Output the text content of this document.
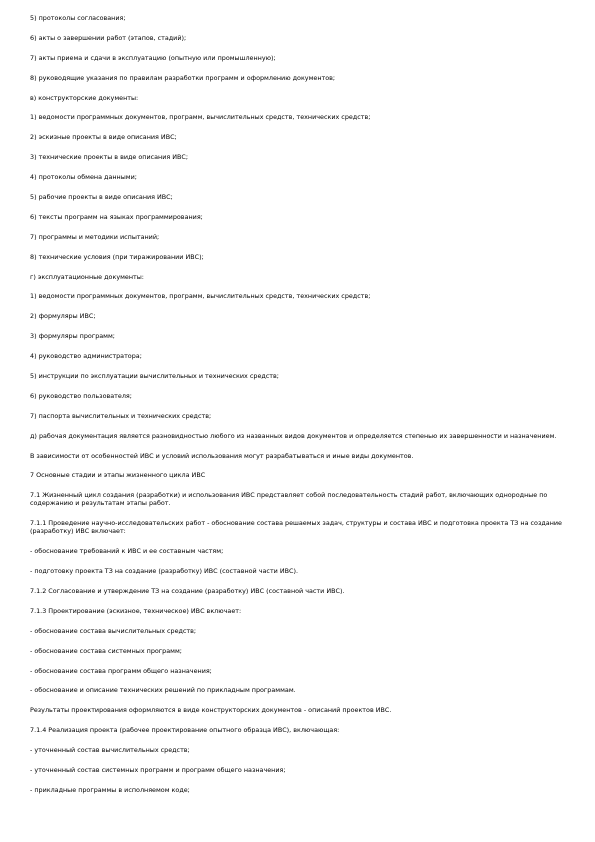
5) протоколы согласования;

6) акты о завершении работ (этапов, стадий);

7) акты приема и сдачи в эксплуатацию (опытную или промышленную);

8) руководящие указания по правилам разработки программ и оформлению документов;

в) конструкторские документы:

1) ведомости программных документов, программ, вычислительных средств, технических средств;

2) эскизные проекты в виде описания ИВС;

3) технические проекты в виде описания ИВС;

4) протоколы обмена данными;

5) рабочие проекты в виде описания ИВС;

6) тексты программ на языках программирования;

7) программы и методики испытаний;

8) технические условия (при тиражировании ИВС);

г) эксплуатационные документы:

1) ведомости программных документов, программ, вычислительных средств, технических средств;

2) формуляры ИВС;

3) формуляры программ;

4) руководство администратора;

5) инструкции по эксплуатации вычислительных и технических средств;

6) руководство пользователя;

7) паспорта вычислительных и технических средств;

д) рабочая документация является разновидностью любого из названных видов документов и определяется степенью их завершенности и назначением.

В зависимости от особенностей ИВС и условий использования могут разрабатываться и иные виды документов.

7 Основные стадии и этапы жизненного цикла ИВС

7.1 Жизненный цикл создания (разработки) и использования ИВС представляет собой последовательность стадий работ, включающих однородные по содержанию и результатам этапы работ.

7.1.1 Проведение научно-исследовательских работ - обоснование состава решаемых задач, структуры и состава ИВС и подготовка проекта ТЗ на создание (разработку) ИВС включает:

- обоснование требований к ИВС и ее составным частям;

- подготовку проекта ТЗ на создание (разработку) ИВС (составной части ИВС).

7.1.2 Согласование и утверждение ТЗ на создание (разработку) ИВС (составной части ИВС).

7.1.3 Проектирование (эскизное, техническое) ИВС включает:

- обоснование состава вычислительных средств;

- обоснование состава системных программ;

- обоснование состава программ общего назначения;

- обоснование и описание технических решений по прикладным программам.

Результаты проектирования оформляются в виде конструкторских документов - описаний проектов ИВС.

7.1.4 Реализация проекта (рабочее проектирование опытного образца ИВС), включающая:

- уточненный состав вычислительных средств;

- уточненный состав системных программ и программ общего назначения;

- прикладные программы в исполняемом коде;
